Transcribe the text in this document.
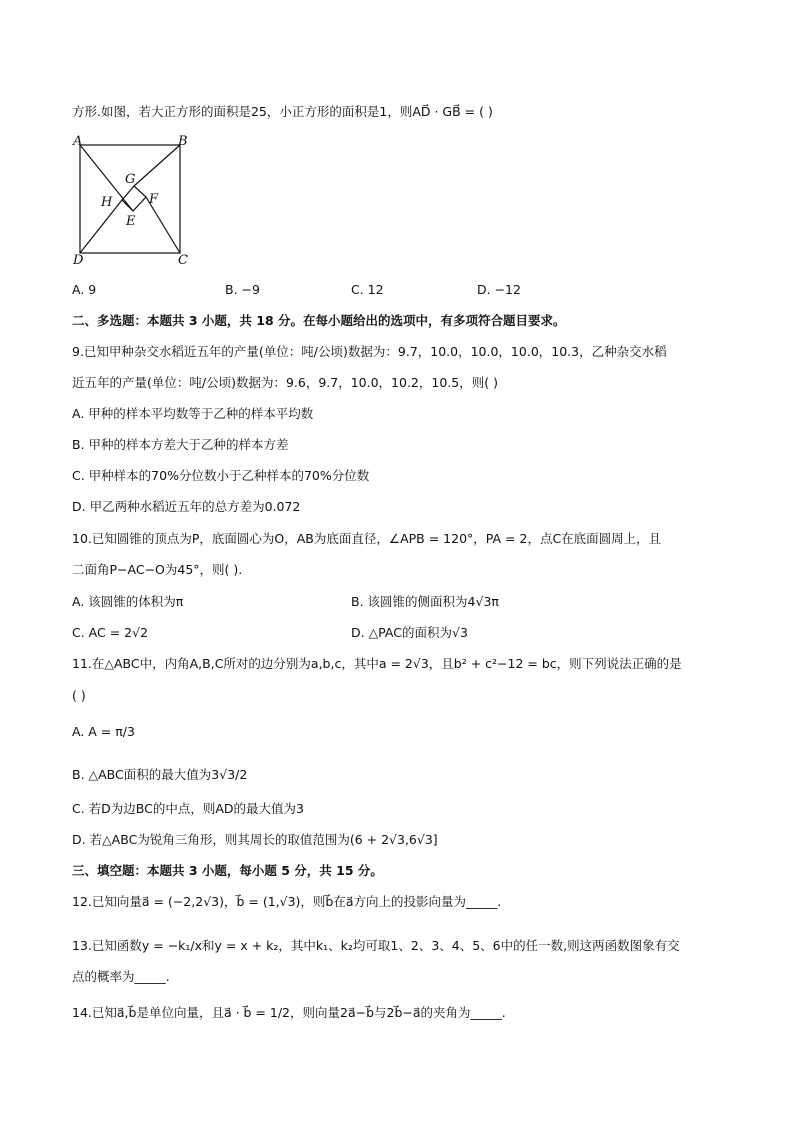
方形.如图，若大正方形的面积是25，小正方形的面积是1，则AD⃗ · GB⃗ = ( )
A	B
C
D
G
F
H
E
A. 9	B. −9	C. 12	D. −12
二、多选题：本题共 3 小题，共 18 分。在每小题给出的选项中，有多项符合题目要求。
9.已知甲种杂交水稻近五年的产量(单位：吨/公顷)数据为：9.7，10.0，10.0，10.0，10.3，乙种杂交水稻
近五年的产量(单位：吨/公顷)数据为：9.6，9.7，10.0，10.2，10.5，则( )
A. 甲种的样本平均数等于乙种的样本平均数
B. 甲种的样本方差大于乙种的样本方差
C. 甲种样本的70%分位数小于乙种样本的70%分位数
D. 甲乙两种水稻近五年的总方差为0.072
10.已知圆锥的顶点为P，底面圆心为O，AB为底面直径，∠APB = 120°，PA = 2，点C在底面圆周上，且
二面角P−AC−O为45°，则( ).
A. 该圆锥的体积为π	B. 该圆锥的侧面积为4√3π
C. AC = 2√2	D. △PAC的面积为√3
11.在△ABC中，内角A,B,C所对的边分别为a,b,c，其中a = 2√3，且b² + c²−12 = bc，则下列说法正确的是
( )
A. A = π/3
B. △ABC面积的最大值为3√3/2
C. 若D为边BC的中点，则AD的最大值为3
D. 若△ABC为锐角三角形，则其周长的取值范围为(6 + 2√3,6√3]
三、填空题：本题共 3 小题，每小题 5 分，共 15 分。
12.已知向量a⃗ = (−2,2√3)，b⃗ = (1,√3)，则b⃗在a⃗方向上的投影向量为_____.
13.已知函数y = −k₁/x和y = x + k₂，其中k₁、k₂均可取1、2、3、4、5、6中的任一数,则这两函数图象有交
点的概率为_____.
14.已知a⃗,b⃗是单位向量，且a⃗ · b⃗ = 1/2，则向量2a⃗−b⃗与2b⃗−a⃗的夹角为_____.
